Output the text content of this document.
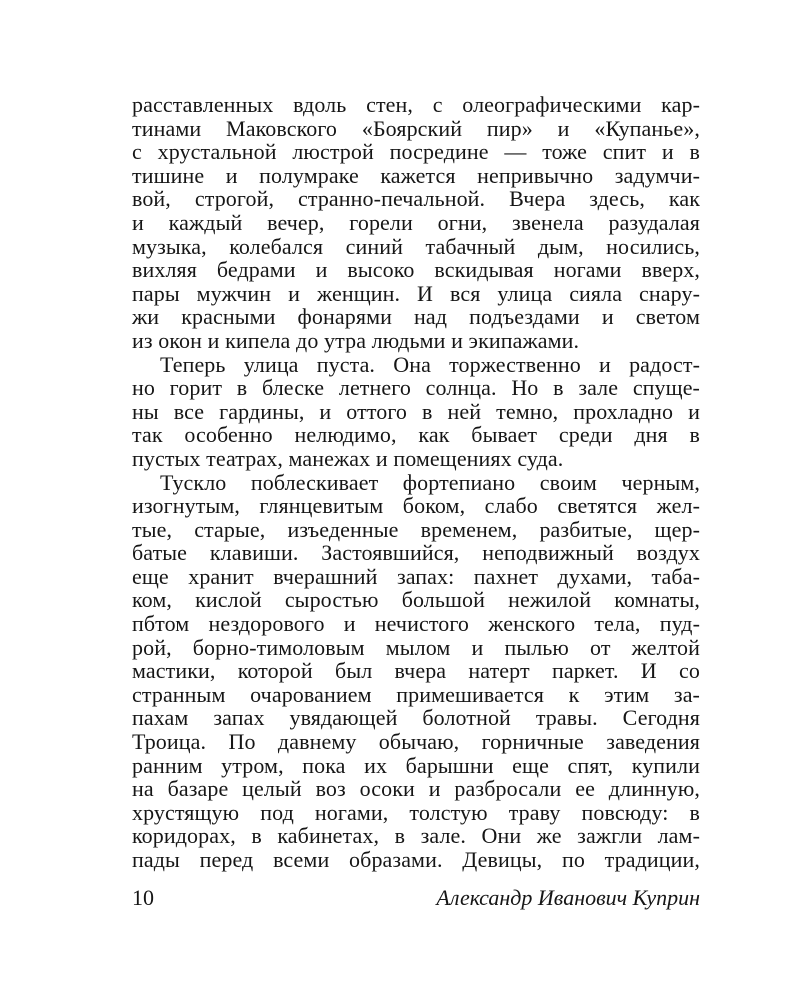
расставленных вдоль стен, с олеографическими кар-
тинами Маковского «Боярский пир» и «Купанье»,
с хрустальной люстрой посредине — тоже спит и в
тишине и полумраке кажется непривычно задумчи-
вой, строгой, странно-печальной. Вчера здесь, как
и каждый вечер, горели огни, звенела разудалая
музыка, колебался синий табачный дым, носились,
вихляя бедрами и высоко вскидывая ногами вверх,
пары мужчин и женщин. И вся улица сияла снару-
жи красными фонарями над подъездами и светом
из окон и кипела до утра людьми и экипажами.
Теперь улица пуста. Она торжественно и радост-
но горит в блеске летнего солнца. Но в зале спуще-
ны все гардины, и оттого в ней темно, прохладно и
так особенно нелюдимо, как бывает среди дня в
пустых театрах, манежах и помещениях суда.
Тускло поблескивает фортепиано своим черным,
изогнутым, глянцевитым боком, слабо светятся жел-
тые, старые, изъеденные временем, разбитые, щер-
батые клавиши. Застоявшийся, неподвижный воздух
еще хранит вчерашний запах: пахнет духами, таба-
ком, кислой сыростью большой нежилой комнаты,
пбтом нездорового и нечистого женского тела, пуд-
рой, борно-тимоловым мылом и пылью от желтой
мастики, которой был вчера натерт паркет. И со
странным очарованием примешивается к этим за-
пахам запах увядающей болотной травы. Сегодня
Троица. По давнему обычаю, горничные заведения
ранним утром, пока их барышни еще спят, купили
на базаре целый воз осоки и разбросали ее длинную,
хрустящую под ногами, толстую траву повсюду: в
коридорах, в кабинетах, в зале. Они же зажгли лам-
пады перед всеми образами. Девицы, по традиции,
10	Александр Иванович Куприн
